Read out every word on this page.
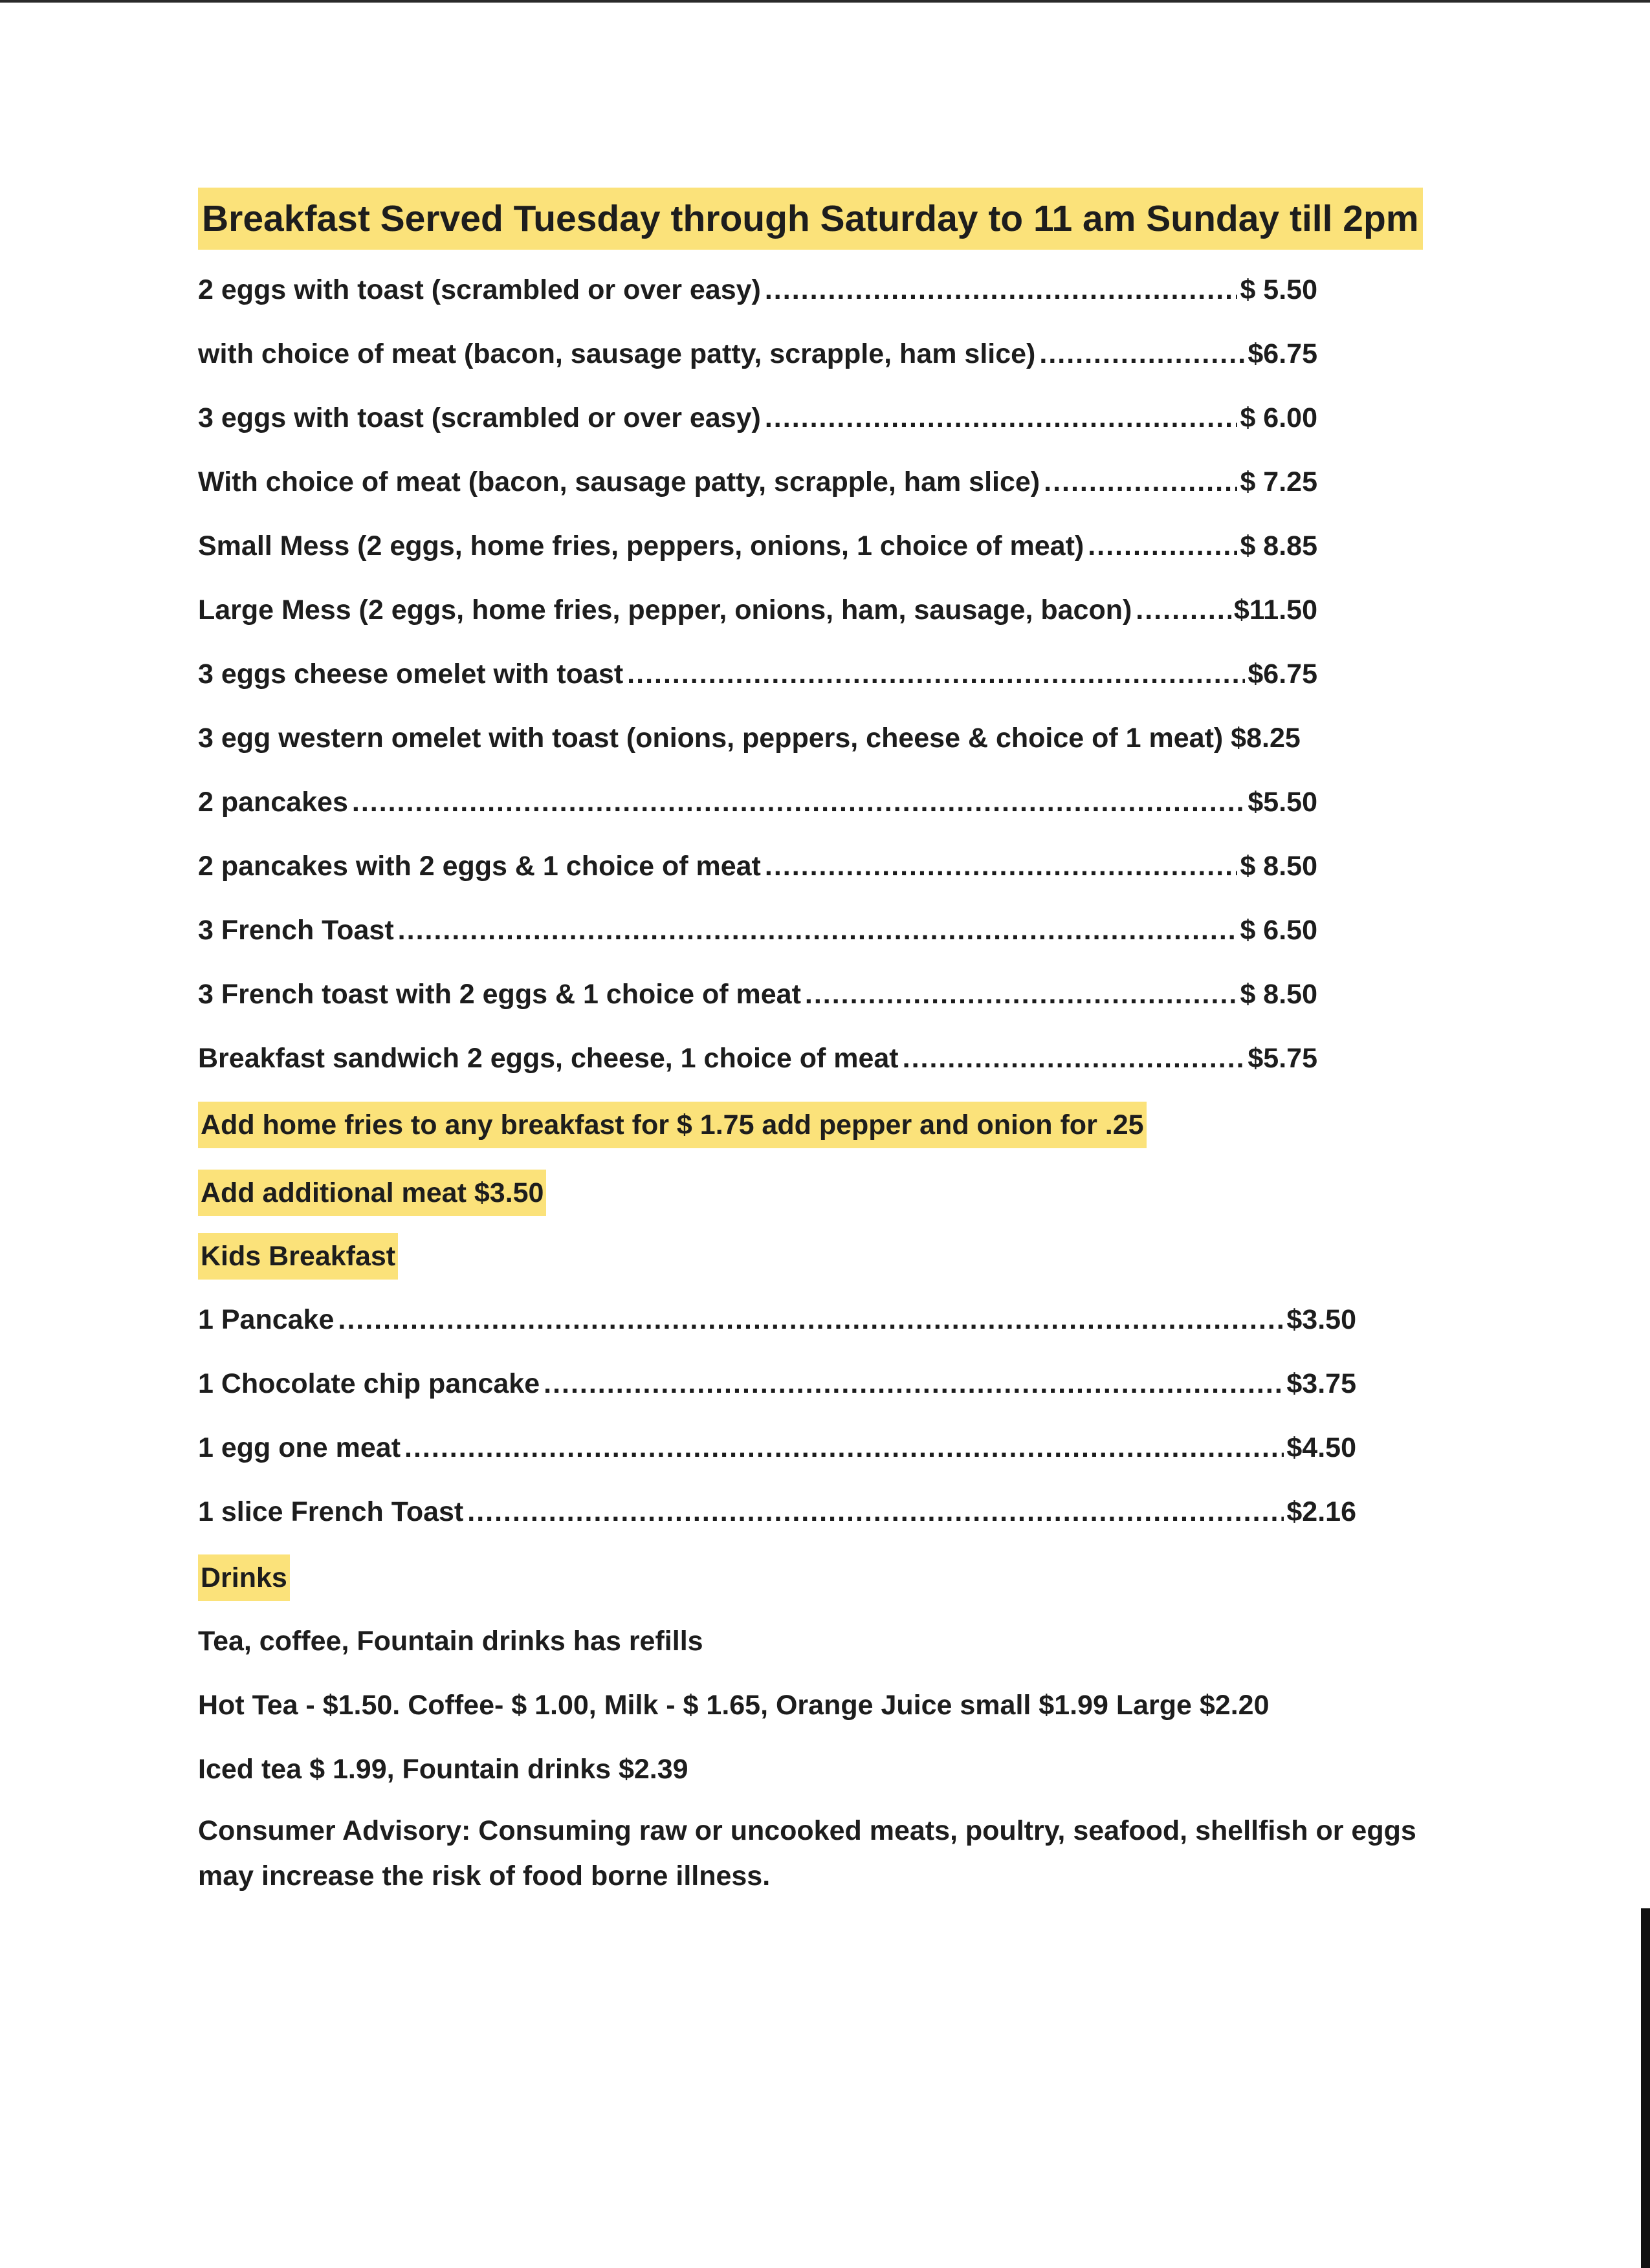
Breakfast Served Tuesday through Saturday to 11 am Sunday till 2pm
2 eggs with toast (scrambled or over easy) .....	$ 5.50
with choice of meat (bacon, sausage patty, scrapple, ham slice) .....	$6.75
3 eggs with toast (scrambled or over easy) .....	$ 6.00
With choice of meat (bacon, sausage patty, scrapple, ham slice) .....	$ 7.25
Small Mess (2 eggs, home fries, peppers, onions, 1 choice of meat) .....	$ 8.85
Large Mess (2 eggs, home fries, pepper, onions, ham, sausage, bacon) .....	$11.50
3 eggs cheese omelet with toast .....	$6.75
3 egg western omelet with toast (onions, peppers, cheese & choice of 1 meat) $8.25
2 pancakes .....	$5.50
2 pancakes with 2 eggs & 1 choice of meat .....	$ 8.50
3 French Toast .....	$ 6.50
3 French toast with 2 eggs & 1 choice of meat .....	$ 8.50
Breakfast sandwich 2 eggs, cheese, 1 choice of meat .....	$5.75
Add home fries to any breakfast for $ 1.75 add pepper and onion for .25
Add additional meat $3.50
Kids Breakfast
1 Pancake .....	$3.50
1 Chocolate chip pancake .....	$3.75
1 egg one meat .....	$4.50
1 slice French Toast .....	$2.16
Drinks
Tea, coffee, Fountain drinks has refills
Hot Tea - $1.50. Coffee- $ 1.00, Milk - $ 1.65, Orange Juice small $1.99 Large $2.20
Iced tea $ 1.99, Fountain drinks $2.39
Consumer Advisory: Consuming raw or uncooked meats, poultry, seafood, shellfish or eggs
may increase the risk of food borne illness.
